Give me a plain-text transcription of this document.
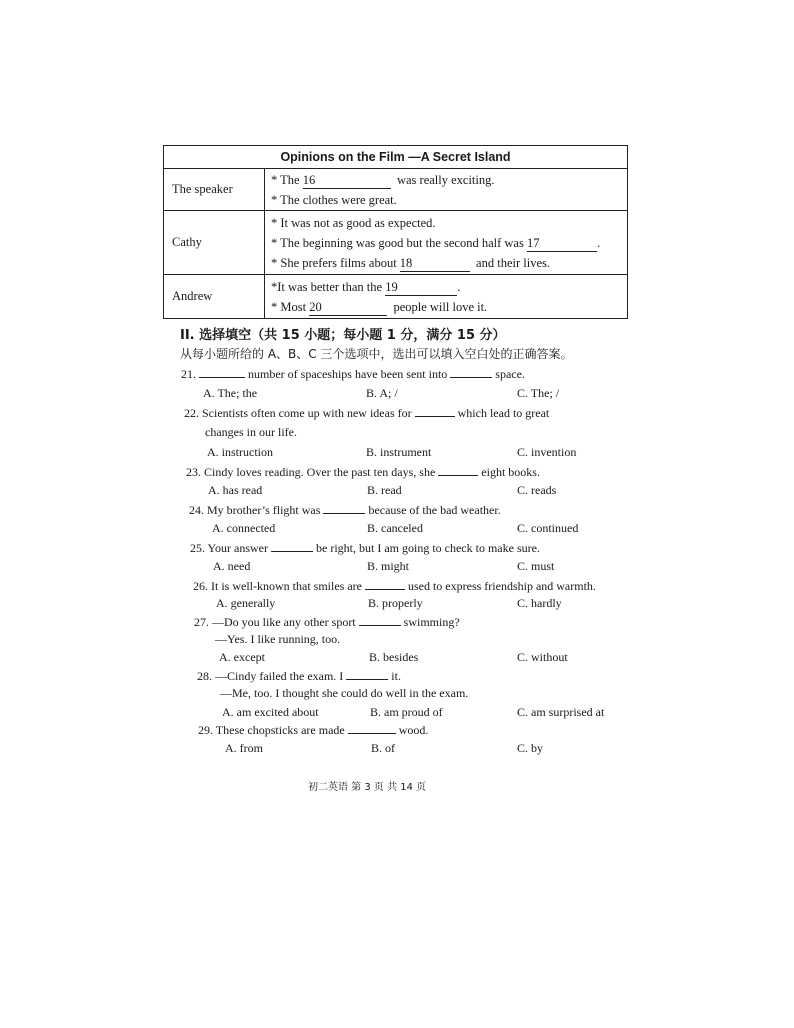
Opinions on the Film —A Secret Island	
The speaker	* The 16 was really exciting.
* The clothes were great.

Cathy	* It was not as good as expected.
* The beginning was good but the second half was 17 .
* She prefers films about 18 and their lives.

Andrew	*It was better than the 19 .
* Most 20 people will love it.
II. 选择填空（共 15 小题；每小题 1 分，满分 15 分）
从每小题所给的 A、B、C 三个选项中，选出可以填入空白处的正确答案。
21.	number of spaceships have been sent into	space.
A. The; the	B. A; /	C. The; /
22. Scientists often come up with new ideas for	which lead to great
changes in our life.
A. instruction	B. instrument	C. invention
23. Cindy loves reading. Over the past ten days, she	eight books.
A. has read	B. read	C. reads
24. My brother’s flight was	because of the bad weather.
A. connected	B. canceled	C. continued
25. Your answer	be right, but I am going to check to make sure.
A. need	B. might	C. must
26. It is well-known that smiles are	used to express friendship and warmth.
A. generally	B. properly	C. hardly
27. —Do you like any other sport	swimming?
—Yes. I like running, too.
A. except	B. besides	C. without
28. —Cindy failed the exam. I	it.
—Me, too. I thought she could do well in the exam.
A. am excited about	B. am proud of	C. am surprised at
29. These chopsticks are made	wood.
A. from	B. of	C. by
初二英语 第 3 页 共 14 页
